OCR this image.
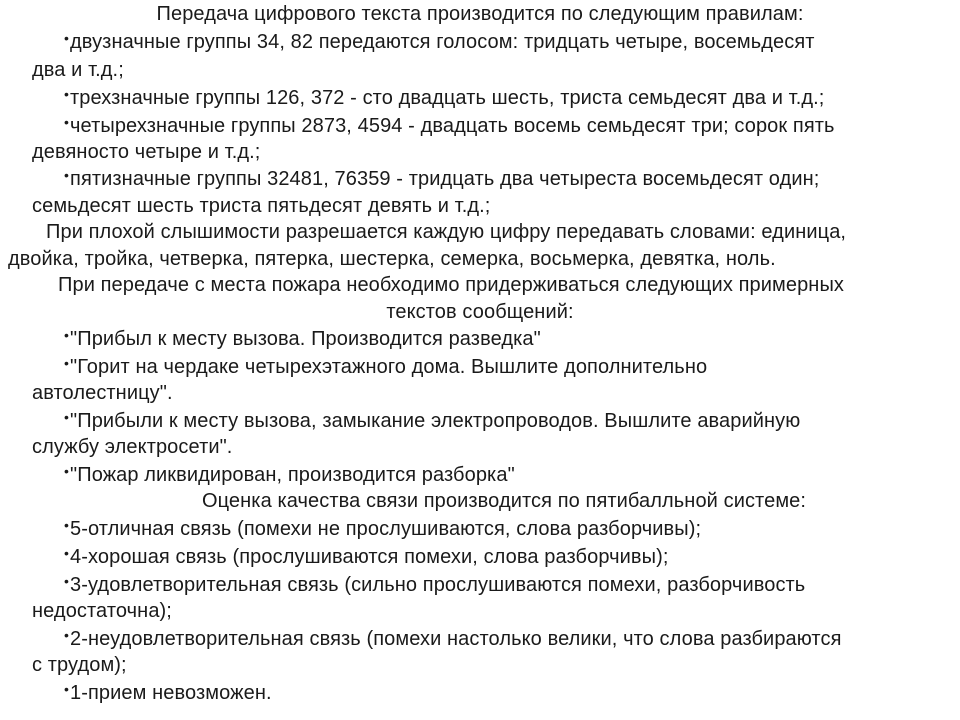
Передача цифрового текста производится по следующим правилам:
•двузначные группы 34, 82 передаются голосом: тридцать четыре, восемьдесят
два и т.д.;
•трехзначные группы 126, 372 - сто двадцать шесть, триста семьдесят два и т.д.;
•четырехзначные группы 2873, 4594 - двадцать восемь семьдесят три; сорок пять
девяносто четыре и т.д.;
•пятизначные группы 32481, 76359 - тридцать два четыреста восемьдесят один;
семьдесят шесть триста пятьдесят девять и т.д.;
При плохой слышимости разрешается каждую цифру передавать словами: единица,
двойка, тройка, четверка, пятерка, шестерка, семерка, восьмерка, девятка, ноль.
При передаче с места пожара необходимо придерживаться следующих примерных
текстов сообщений:
•"Прибыл к месту вызова. Производится разведка"
•"Горит на чердаке четырехэтажного дома. Вышлите дополнительно
автолестницу".
•"Прибыли к месту вызова, замыкание электропроводов. Вышлите аварийную
службу электросети".
•"Пожар ликвидирован, производится разборка"
Оценка качества связи производится по пятибалльной системе:
•5-отличная связь (помехи не прослушиваются, слова разборчивы);
•4-хорошая связь (прослушиваются помехи, слова разборчивы);
•3-удовлетворительная связь (сильно прослушиваются помехи, разборчивость
недостаточна);
•2-неудовлетворительная связь (помехи настолько велики, что слова разбираются
с трудом);
•1-прием невозможен.
